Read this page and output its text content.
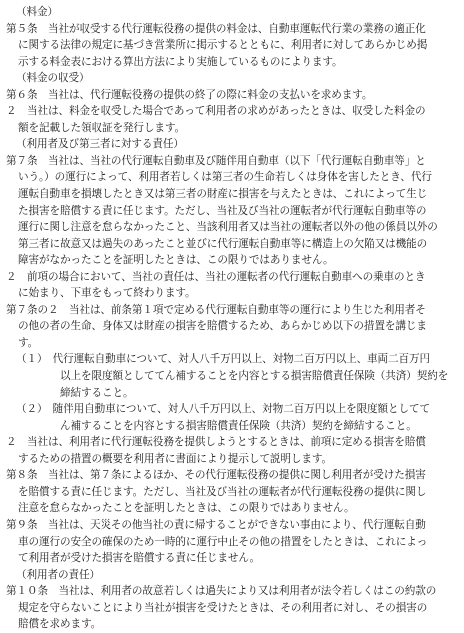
（料金）
第５条　当社が収受する代行運転役務の提供の料金は、自動車運転代行業の業務の適正化
に関する法律の規定に基づき営業所に掲示するとともに、利用者に対してあらかじめ掲
示する料金表における算出方法により実施しているものによります。
（料金の収受）
第６条　当社は、代行運転役務の提供の終了の際に料金の支払いを求めます。
２　当社は、料金を収受した場合であって利用者の求めがあったときは、収受した料金の
額を記載した領収証を発行します。
（利用者及び第三者に対する責任）
第７条　当社は、当社の代行運転自動車及び随伴用自動車（以下「代行運転自動車等」と
いう。）の運行によって、利用者若しくは第三者の生命若しくは身体を害したとき、代行
運転自動車を損壊したとき又は第三者の財産に損害を与えたときは、これによって生じ
た損害を賠償する責に任じます。ただし、当社及び当社の運転者が代行運転自動車等の
運行に関し注意を怠らなかったこと、当該利用者又は当社の運転者以外の他の係員以外の
第三者に故意又は過失のあったこと並びに代行運転自動車等に構造上の欠陥又は機能の
障害がなかったことを証明したときは、この限りではありません。
２　前項の場合において、当社の責任は、当社の運転者の代行運転自動車への乗車のとき
に始まり、下車をもって終わります。
第７条の２　当社は、前条第１項で定める代行運転自動車等の運行により生じた利用者そ
の他の者の生命、身体又は財産の損害を賠償するため、あらかじめ以下の措置を講じま
す。
（１）　代行運転自動車について、対人八千万円以上、対物二百万円以上、車両二百万円
以上を限度額としててん補することを内容とする損害賠償責任保険（共済）契約を
締結すること。
（２）　随伴用自動車について、対人八千万円以上、対物二百万円以上を限度額としてて
ん補することを内容とする損害賠償責任保険（共済）契約を締結すること。
２　当社は、利用者に代行運転役務を提供しようとするときは、前項に定める損害を賠償
するための措置の概要を利用者に書面により提示して説明します。
第８条　当社は、第７条によるほか、その代行運転役務の提供に関し利用者が受けた損害
を賠償する責に任じます。ただし、当社及び当社の運転者が代行運転役務の提供に関し
注意を怠らなかったことを証明したときは、この限りではありません。
第９条　当社は、天災その他当社の責に帰することができない事由により、代行運転自動
車の運行の安全の確保のため一時的に運行中止その他の措置をしたときは、これによっ
て利用者が受けた損害を賠償する責に任じません。
（利用者の責任）
第１０条　当社は、利用者の故意若しくは過失により又は利用者が法令若しくはこの約款の
規定を守らないことにより当社が損害を受けたときは、その利用者に対し、その損害の
賠償を求めます。
